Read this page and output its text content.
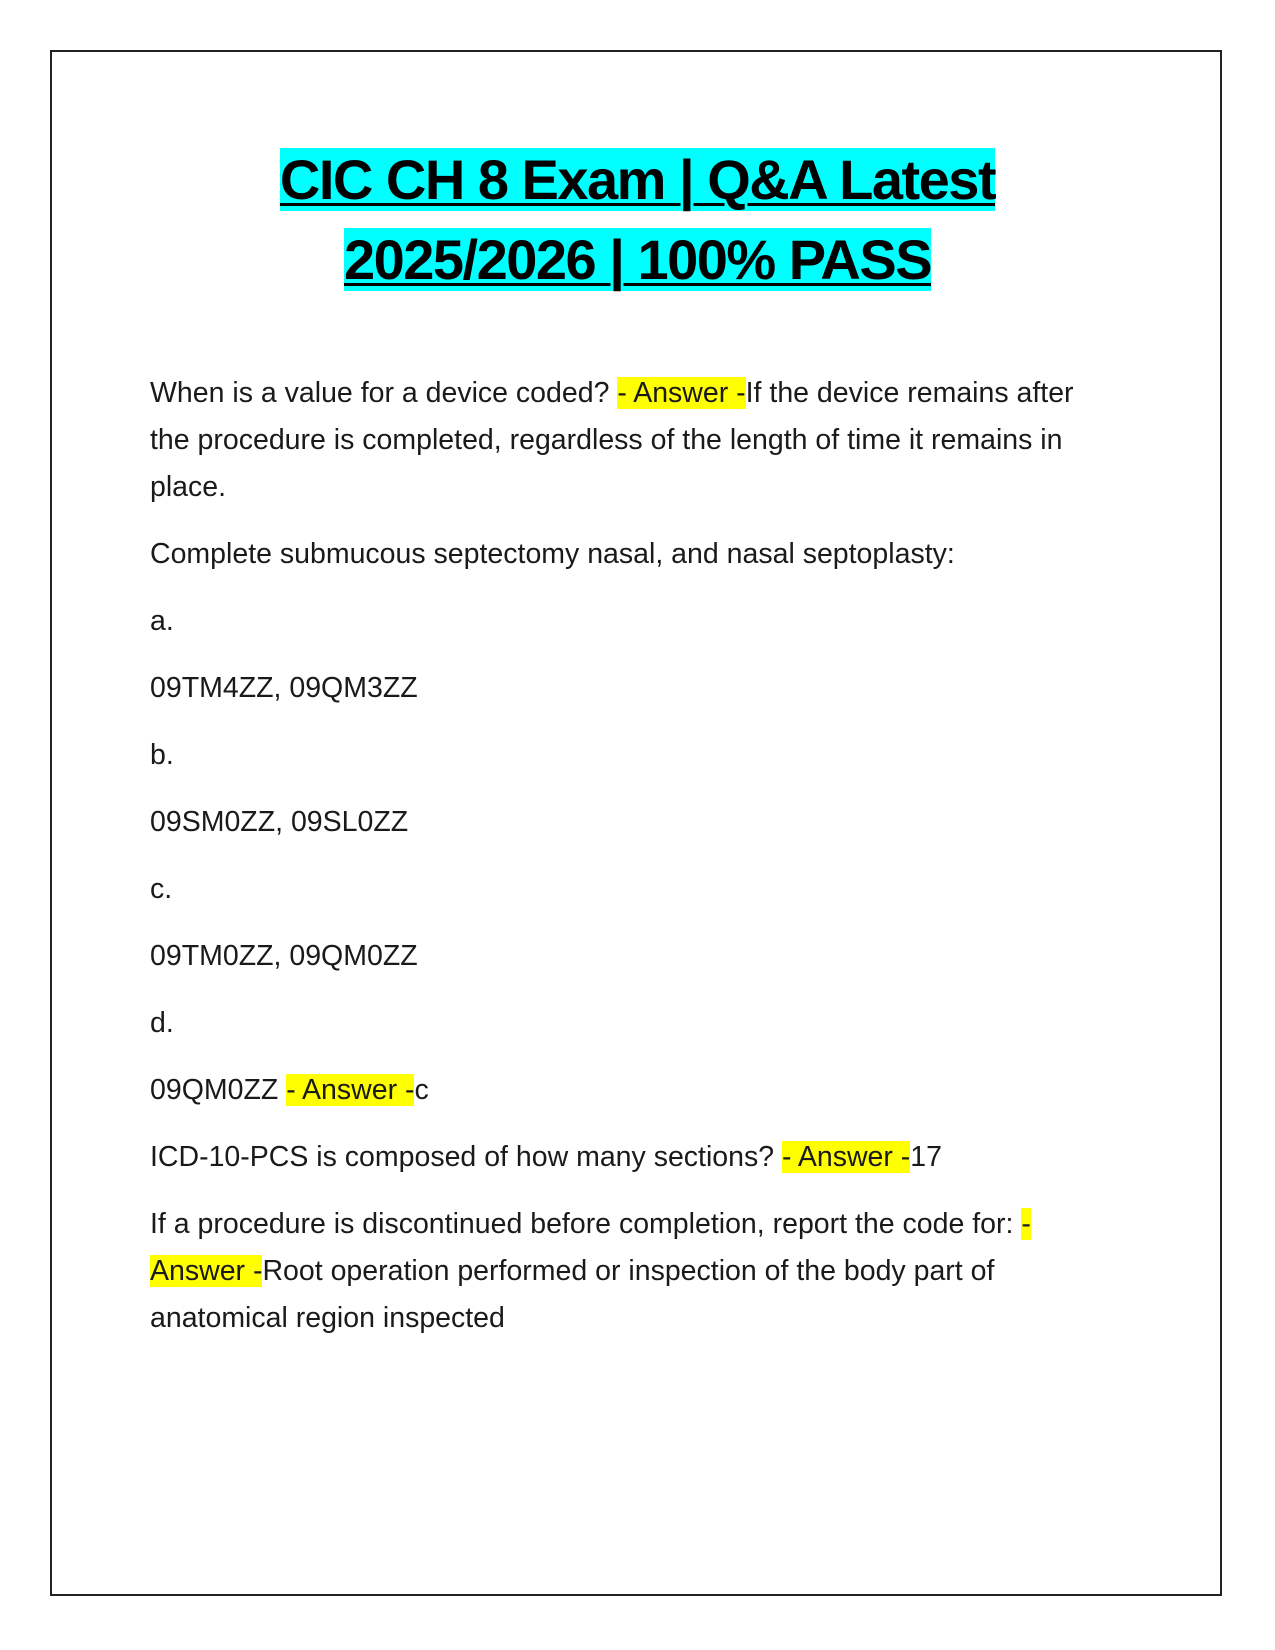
CIC CH 8 Exam | Q&A Latest
2025/2026 | 100% PASS

When is a value for a device coded? - Answer -If the device remains after the procedure is completed, regardless of the length of time it remains in place.

Complete submucous septectomy nasal, and nasal septoplasty:

a.

09TM4ZZ, 09QM3ZZ

b.

09SM0ZZ, 09SL0ZZ

c.

09TM0ZZ, 09QM0ZZ

d.

09QM0ZZ - Answer -c

ICD-10-PCS is composed of how many sections? - Answer -17

If a procedure is discontinued before completion, report the code for: -
Answer -Root operation performed or inspection of the body part of anatomical region inspected
